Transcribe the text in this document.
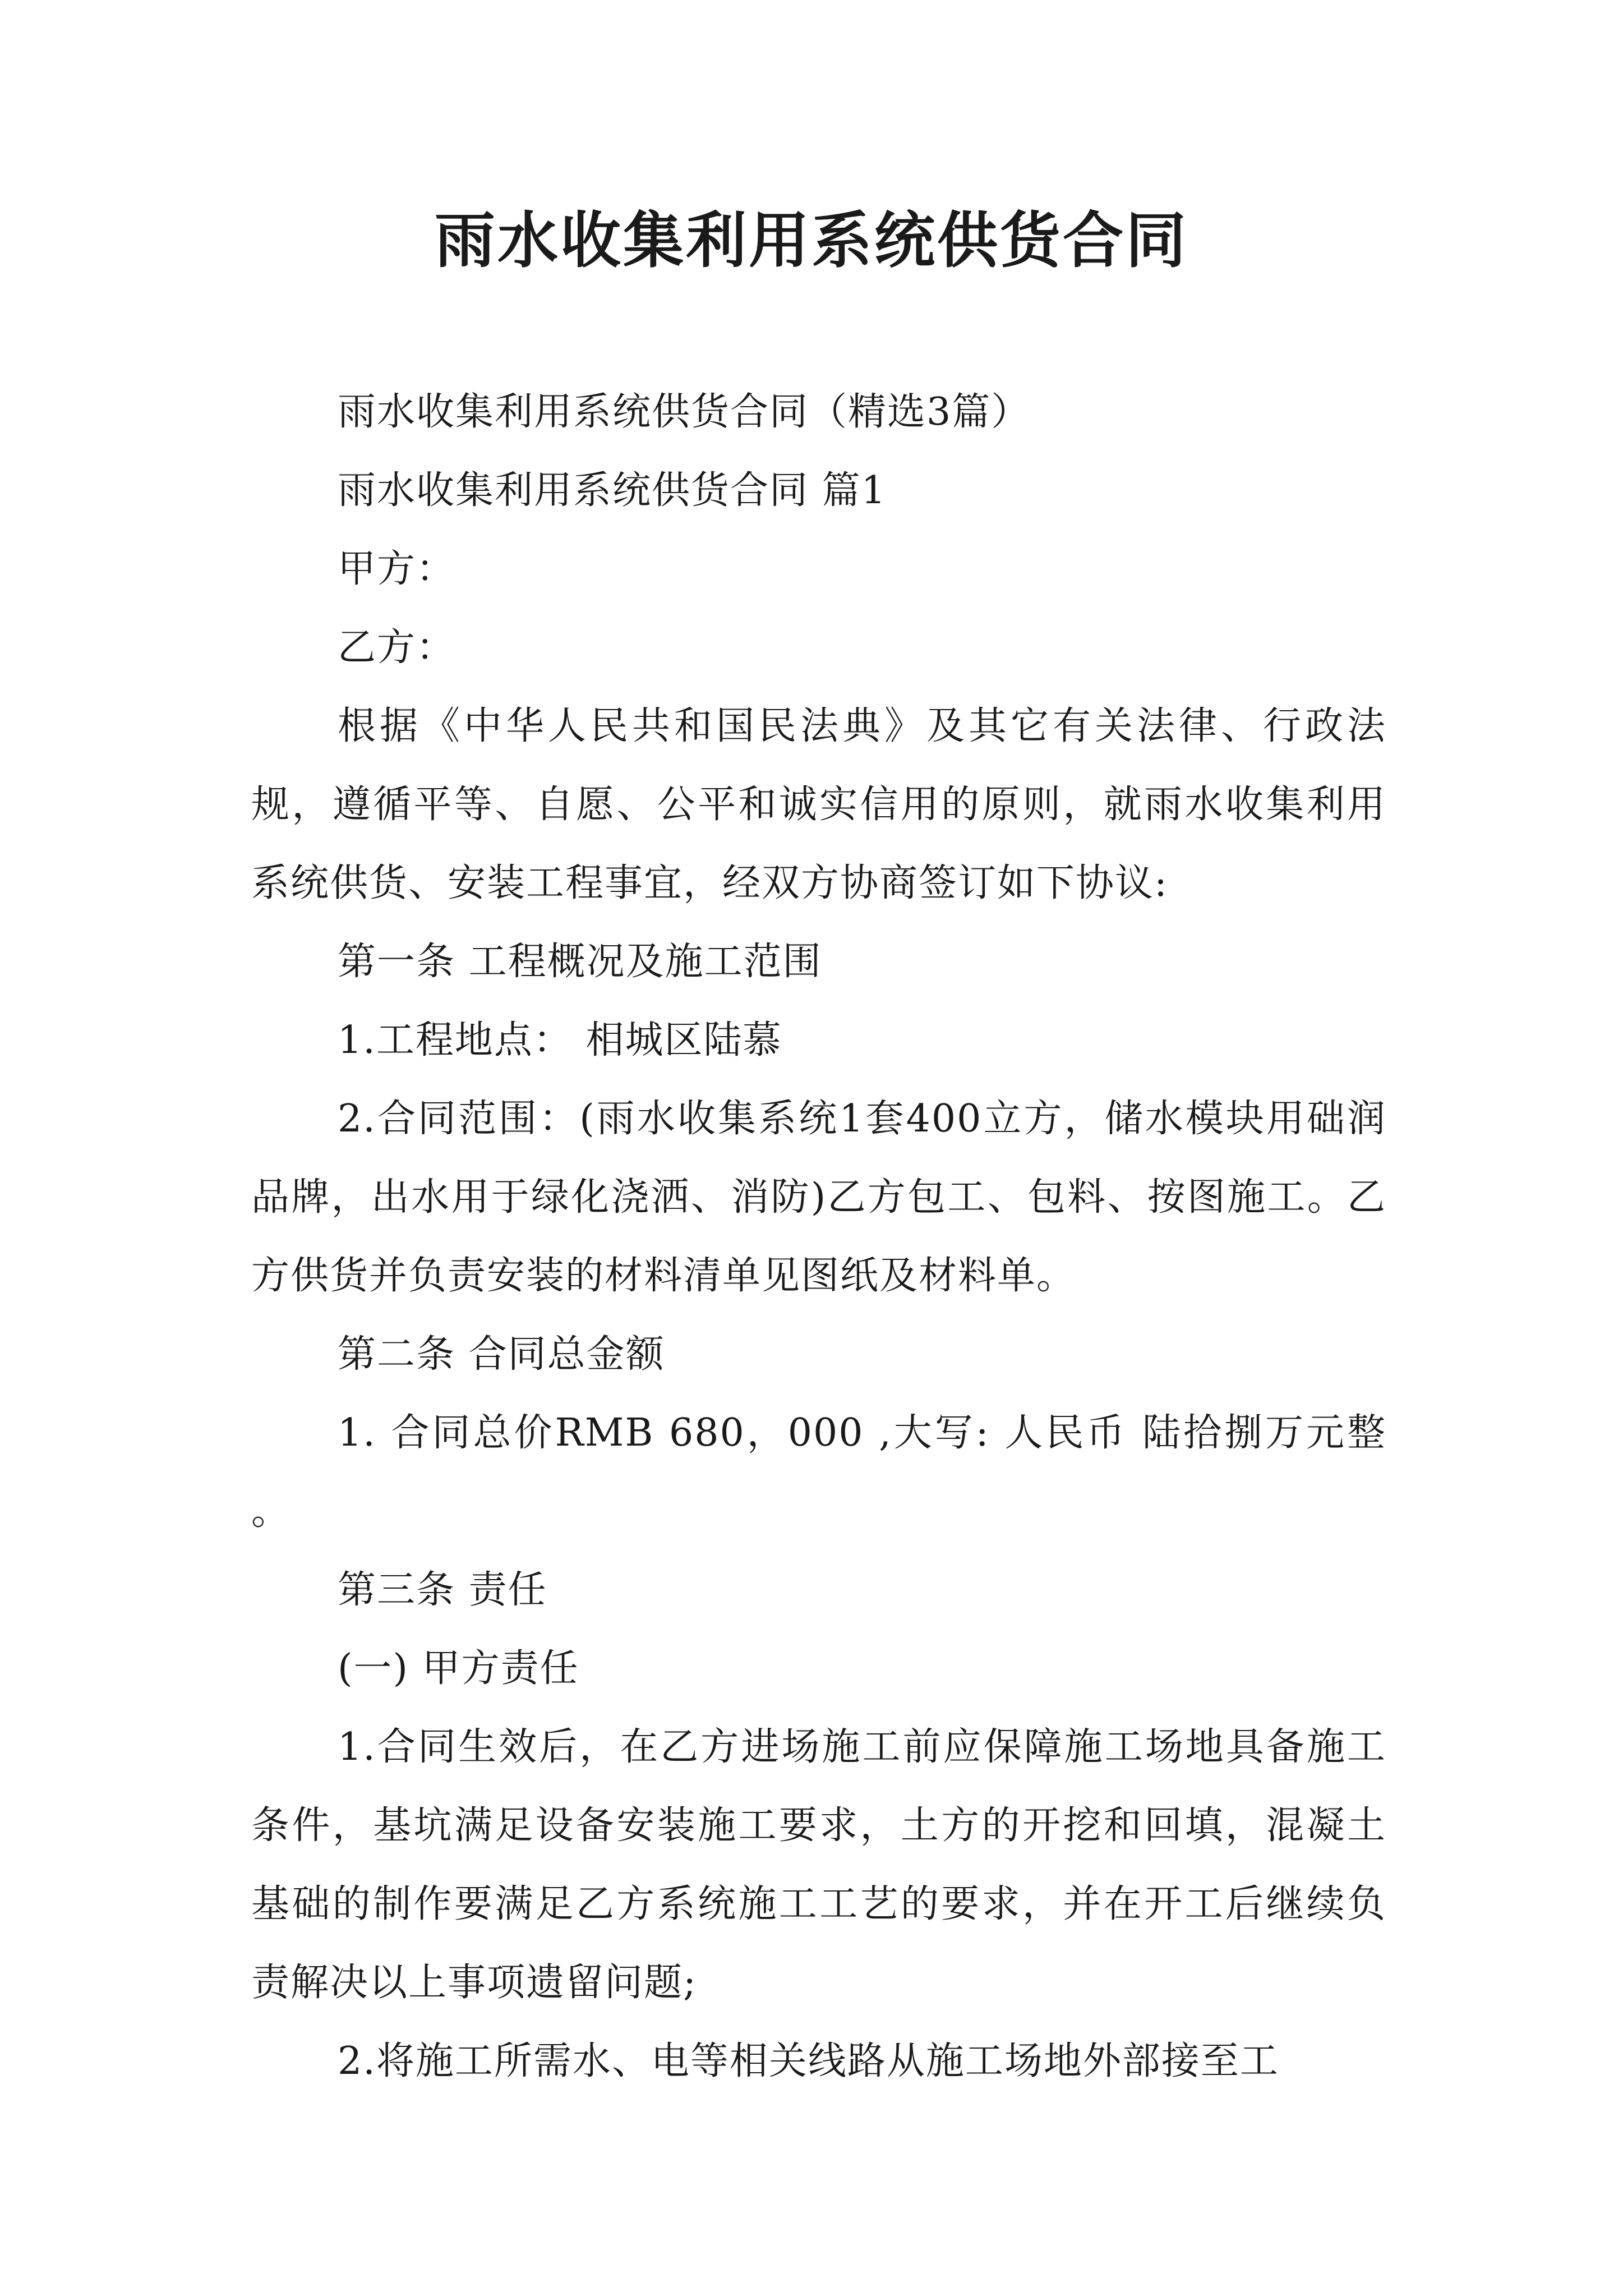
雨水收集利用系统供货合同

雨水收集利用系统供货合同（精选3篇）

雨水收集利用系统供货合同 篇1

甲方：

乙方：

根据《中华人民共和国民法典》及其它有关法律、行政法规，遵循平等、自愿、公平和诚实信用的原则，就雨水收集利用系统供货、安装工程事宜，经双方协商签订如下协议:

第一条 工程概况及施工范围

1.工程地点： 相城区陆慕

2.合同范围：(雨水收集系统1套400立方，储水模块用础润品牌，出水用于绿化浇洒、消防)乙方包工、包料、按图施工。乙方供货并负责安装的材料清单见图纸及材料单。

第二条 合同总金额

1. 合同总价RMB 680，000 ,大写: 人民币 陆拾捌万元整 。

第三条 责任

(一) 甲方责任

1.合同生效后，在乙方进场施工前应保障施工场地具备施工条件，基坑满足设备安装施工要求，土方的开挖和回填，混凝土基础的制作要满足乙方系统施工工艺的要求，并在开工后继续负责解决以上事项遗留问题;

2.将施工所需水、电等相关线路从施工场地外部接至工
